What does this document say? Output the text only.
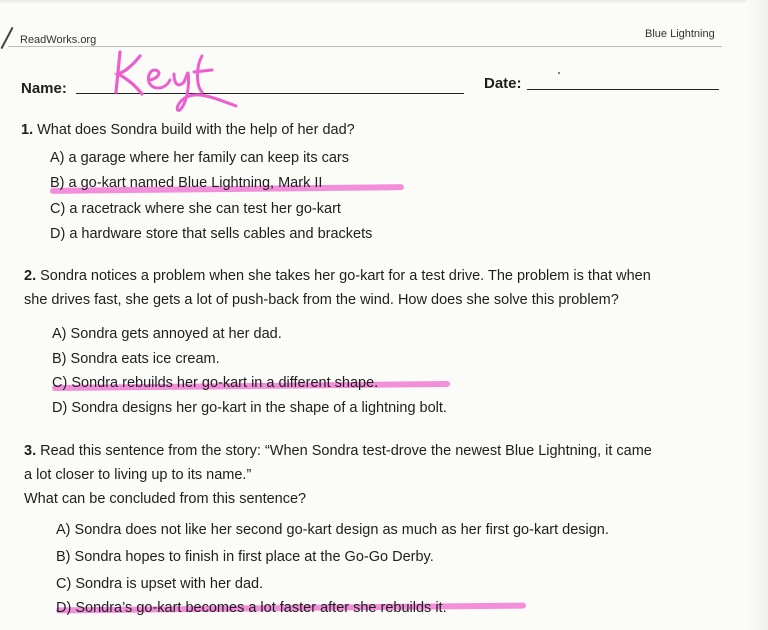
ReadWorks.org	Blue Lightning
Name:	Date:
1. What does Sondra build with the help of her dad?
A) a garage where her family can keep its cars
B) a go-kart named Blue Lightning, Mark II
C) a racetrack where she can test her go-kart
D) a hardware store that sells cables and brackets
2. Sondra notices a problem when she takes her go-kart for a test drive. The problem is that when
she drives fast, she gets a lot of push-back from the wind. How does she solve this problem?
A) Sondra gets annoyed at her dad.
B) Sondra eats ice cream.
C) Sondra rebuilds her go-kart in a different shape.
D) Sondra designs her go-kart in the shape of a lightning bolt.
3. Read this sentence from the story: “When Sondra test-drove the newest Blue Lightning, it came
a lot closer to living up to its name.”
What can be concluded from this sentence?
A) Sondra does not like her second go-kart design as much as her first go-kart design.
B) Sondra hopes to finish in first place at the Go-Go Derby.
C) Sondra is upset with her dad.
D) Sondra’s go-kart becomes a lot faster after she rebuilds it.
